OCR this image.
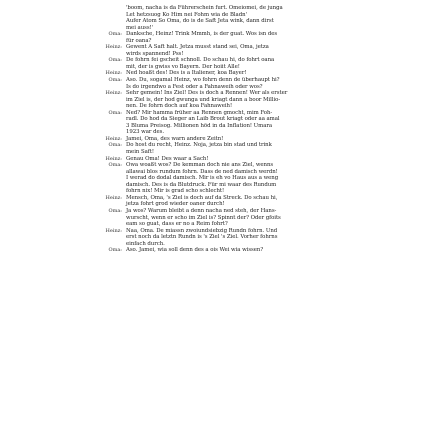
'boom, nacha is da Führerschein furt. Omeiomei, de junga
Let hetzsuog Ko Him nei Fohm wia de Bladn'
Aufer Atom So Oma, do is de Saft Jeta wink, dann dirst
mei auss!'
Oma: Danksche, Heinz! Trink Mmmh, is der guat. Wos isn des
für oana?
Heinz: Gewent A Saft halt. Jetza musst stand sei, Oma, jetza
wirds spannend! Pss!
Oma: De fohrn fei gscheit schnoll. Do schau hi, do fohrt oana
mit, der is gwiss vo Bayern. Der hoiit Alle!
Heinz: Ned hoaßt des! Des is a Italiener, koa Bayer!
Oma: Aso. Du, sogamal Heinz, wo fohrn denn de überhaupt hi?
Is do irgendwo a Fest oder a Fahnaweih oder wos?
Heinz: Sehr gemein! Ins Ziel! Des is doch a Rennen! Wer als erster
im Ziel is, der hod gwunga und kriagt dann a boor Millio-
nen. De fohrn doch auf koa Fahnaweih!
Oma: Ned? Mir hamma früher aa Rennen gmocht, mim Foh-
radl. Do hod da Sieger an Laib Brout kriagt oder aa amal
3 Bluma Preisog. Millionen höd in da Inflation! Umara
1923 war des.
Heinz: Jamei, Oma, des warn andere Zeitn!
Oma: Do host du recht, Heinz. Noja, jetza bin stad und trink
mein Saft!
Heinz: Genau Oma! Des waar a Sach!
Oma: Owa woaßt wos? De kemman doch nie ans Ziel, wenns
allawai blos rundum fohrn. Dass de ned damisch werdn!
I werad do dodal damisch. Mir is eh vo Haus aus a weng
damisch. Des is da Blutdruck. Für mi waar des Rundum
fohrn nix! Mir is grad scho schlecht!
Heinz: Mensch, Oma, 's Ziel is doch auf da Streck. Do schau hi,
jetza fohrt grod wieder oaner durch!
Oma: Ja wos? Warum bleibt a denn nacha ned steh, der Hans-
wurscht, wenn er scho im Ziel is? Spinnt der? Oder gfoits
eam so guat, dass er no a Reim fohrt?
Heinz: Naa, Oma. De miassn zwoiundsiebzig Rundn fohrn. Und
erst noch da letztn Rundn is 's Ziel 's Ziel. Vorher fohrns
einfach durch.
Oma: Aso. Jamei, wia soll denn des a ois Wei wia wissen?
